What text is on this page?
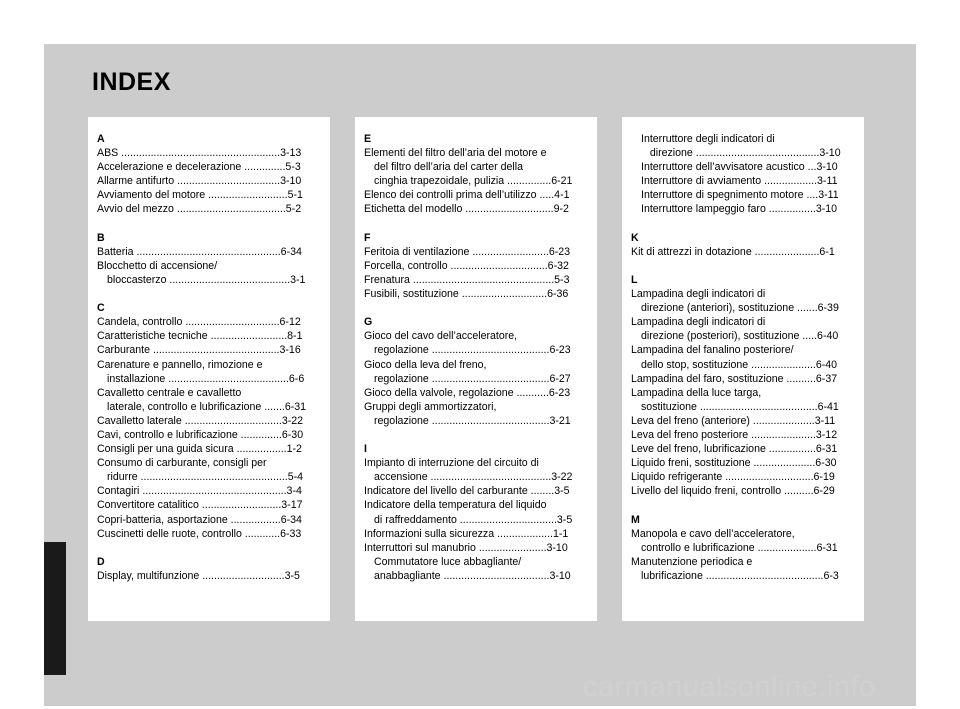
INDEX
A
ABS ......................................................3-13
Accelerazione e decelerazione ..............5-3
Allarme antifurto ...................................3-10
Avviamento del motore ...........................5-1
Avvio del mezzo .....................................5-2
B
Batteria .................................................6-34
Blocchetto di accensione/
bloccasterzo .........................................3-1
C
Candela, controllo ................................6-12
Caratteristiche tecniche ..........................8-1
Carburante ...........................................3-16
Carenature e pannello, rimozione e
installazione .........................................6-6
Cavalletto centrale e cavalletto
laterale, controllo e lubrificazione .......6-31
Cavalletto laterale .................................3-22
Cavi, controllo e lubrificazione ..............6-30
Consigli per una guida sicura .................1-2
Consumo di carburante, consigli per
ridurre ..................................................5-4
Contagiri .................................................3-4
Convertitore catalitico ...........................3-17
Copri-batteria, asportazione .................6-34
Cuscinetti delle ruote, controllo ............6-33
D
Display, multifunzione ............................3-5
E
Elementi del filtro dell’aria del motore e
del filtro dell’aria del carter della
cinghia trapezoidale, pulizia ...............6-21
Elenco dei controlli prima dell’utilizzo .....4-1
Etichetta del modello ..............................9-2
F
Feritoia di ventilazione ..........................6-23
Forcella, controllo .................................6-32
Frenatura ................................................5-3
Fusibili, sostituzione .............................6-36
G
Gioco del cavo dell’acceleratore,
regolazione ........................................6-23
Gioco della leva del freno,
regolazione ........................................6-27
Gioco della valvole, regolazione ...........6-23
Gruppi degli ammortizzatori,
regolazione ........................................3-21
I
Impianto di interruzione del circuito di
accensione .........................................3-22
Indicatore del livello del carburante ........3-5
Indicatore della temperatura del liquido
di raffreddamento .................................3-5
Informazioni sulla sicurezza ...................1-1
Interruttori sul manubrio .......................3-10
Commutatore luce abbagliante/
anabbagliante ....................................3-10
Interruttore degli indicatori di
direzione ..........................................3-10
Interruttore dell’avvisatore acustico ...3-10
Interruttore di avviamento ..................3-11
Interruttore di spegnimento motore ....3-11
Interruttore lampeggio faro ................3-10
K
Kit di attrezzi in dotazione ......................6-1
L
Lampadina degli indicatori di
direzione (anteriori), sostituzione .......6-39
Lampadina degli indicatori di
direzione (posteriori), sostituzione .....6-40
Lampadina del fanalino posteriore/
dello stop, sostituzione ......................6-40
Lampadina del faro, sostituzione ..........6-37
Lampadina della luce targa,
sostituzione ........................................6-41
Leva del freno (anteriore) .....................3-11
Leva del freno posteriore ......................3-12
Leve del freno, lubrificazione ................6-31
Liquido freni, sostituzione .....................6-30
Liquido refrigerante ..............................6-19
Livello del liquido freni, controllo ..........6-29
M
Manopola e cavo dell’acceleratore,
controllo e lubrificazione ....................6-31
Manutenzione periodica e
lubrificazione ........................................6-3
carmanualsonline.info
